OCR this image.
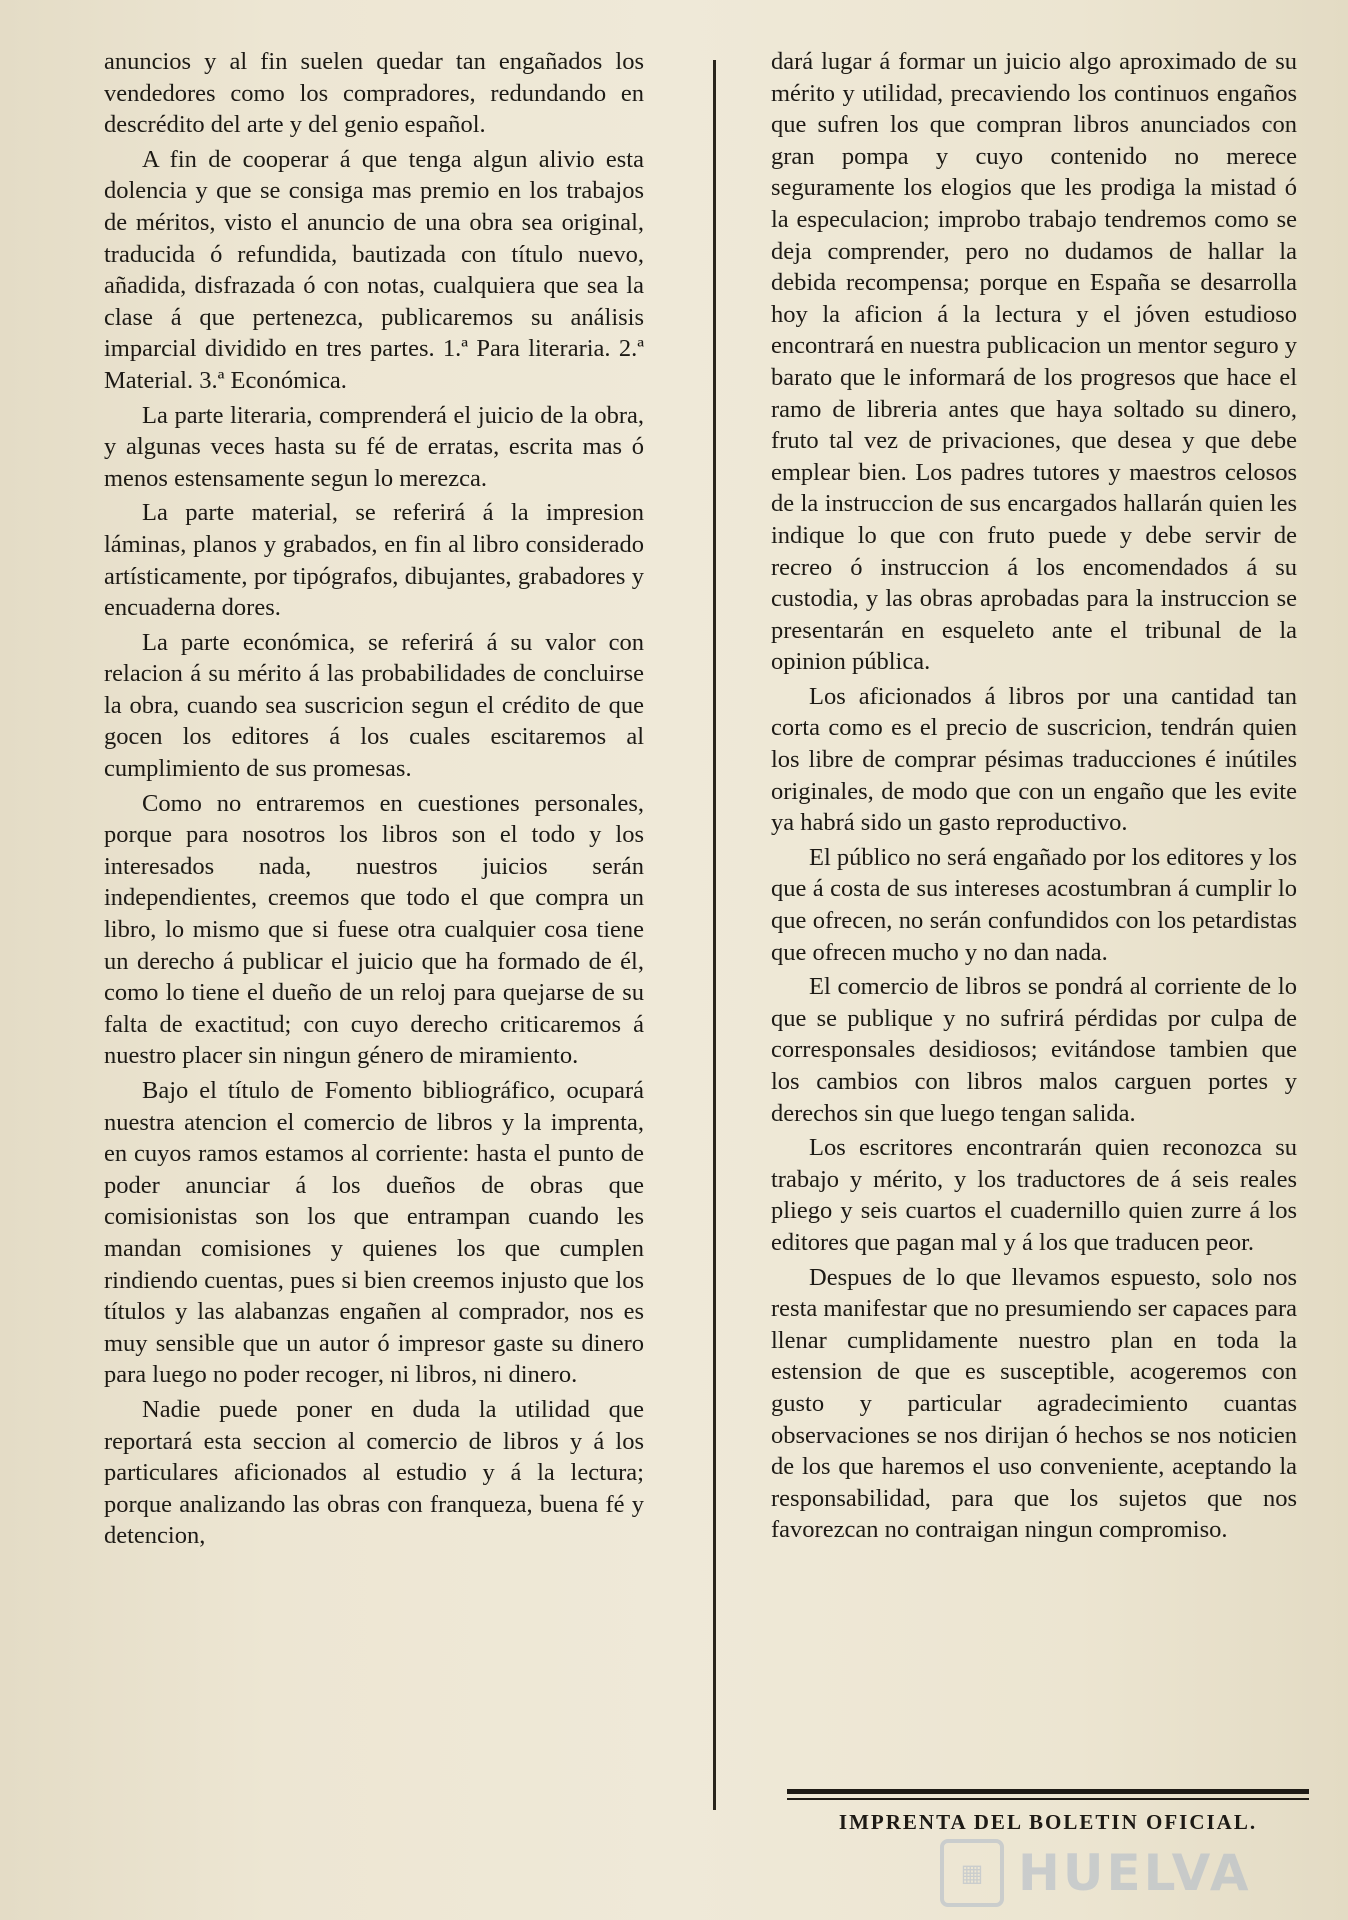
anuncios y al fin suelen quedar tan engañados los vendedores como los compradores, redundando en descrédito del arte y del genio español.

A fin de cooperar á que tenga algun alivio esta dolencia y que se consiga mas premio en los trabajos de méritos, visto el anuncio de una obra sea original, traducida ó refundida, bautizada con título nuevo, añadida, disfrazada ó con notas, cualquiera que sea la clase á que pertenezca, publicaremos su análisis imparcial dividido en tres partes. 1.ª Para literaria. 2.ª Material. 3.ª Económica.

La parte literaria, comprenderá el juicio de la obra, y algunas veces hasta su fé de erratas, escrita mas ó menos estensamente segun lo merezca.

La parte material, se referirá á la impresion láminas, planos y grabados, en fin al libro considerado artísticamente, por tipógrafos, dibujantes, grabadores y encuaderna dores.

La parte económica, se referirá á su valor con relacion á su mérito á las probabilidades de concluirse la obra, cuando sea suscricion segun el crédito de que gocen los editores á los cuales escitaremos al cumplimiento de sus promesas.

Como no entraremos en cuestiones personales, porque para nosotros los libros son el todo y los interesados nada, nuestros juicios serán independientes, creemos que todo el que compra un libro, lo mismo que si fuese otra cualquier cosa tiene un derecho á publicar el juicio que ha formado de él, como lo tiene el dueño de un reloj para quejarse de su falta de exactitud; con cuyo derecho criticaremos á nuestro placer sin ningun género de miramiento.

Bajo el título de Fomento bibliográfico, ocupará nuestra atencion el comercio de libros y la imprenta, en cuyos ramos estamos al corriente: hasta el punto de poder anunciar á los dueños de obras que comisionistas son los que entrampan cuando les mandan comisiones y quienes los que cumplen rindiendo cuentas, pues si bien creemos injusto que los títulos y las alabanzas engañen al comprador, nos es muy sensible que un autor ó impresor gaste su dinero para luego no poder recoger, ni libros, ni dinero.

Nadie puede poner en duda la utilidad que reportará esta seccion al comercio de libros y á los particulares aficionados al estudio y á la lectura; porque analizando las obras con franqueza, buena fé y detencion,

dará lugar á formar un juicio algo aproximado de su mérito y utilidad, precaviendo los continuos engaños que sufren los que compran libros anunciados con gran pompa y cuyo contenido no merece seguramente los elogios que les prodiga la mistad ó la especulacion; improbo trabajo tendremos como se deja comprender, pero no dudamos de hallar la debida recompensa; porque en España se desarrolla hoy la aficion á la lectura y el jóven estudioso encontrará en nuestra publicacion un mentor seguro y barato que le informará de los progresos que hace el ramo de libreria antes que haya soltado su dinero, fruto tal vez de privaciones, que desea y que debe emplear bien. Los padres tutores y maestros celosos de la instruccion de sus encargados hallarán quien les indique lo que con fruto puede y debe servir de recreo ó instruccion á los encomendados á su custodia, y las obras aprobadas para la instruccion se presentarán en esqueleto ante el tribunal de la opinion pública.

Los aficionados á libros por una cantidad tan corta como es el precio de suscricion, tendrán quien los libre de comprar pésimas traducciones é inútiles originales, de modo que con un engaño que les evite ya habrá sido un gasto reproductivo.

El público no será engañado por los editores y los que á costa de sus intereses acostumbran á cumplir lo que ofrecen, no serán confundidos con los petardistas que ofrecen mucho y no dan nada.

El comercio de libros se pondrá al corriente de lo que se publique y no sufrirá pérdidas por culpa de corresponsales desidiosos; evitándose tambien que los cambios con libros malos carguen portes y derechos sin que luego tengan salida.

Los escritores encontrarán quien reconozca su trabajo y mérito, y los traductores de á seis reales pliego y seis cuartos el cuadernillo quien zurre á los editores que pagan mal y á los que traducen peor.

Despues de lo que llevamos espuesto, solo nos resta manifestar que no presumiendo ser capaces para llenar cumplidamente nuestro plan en toda la estension de que es susceptible, acogeremos con gusto y particular agradecimiento cuantas observaciones se nos dirijan ó hechos se nos noticien de los que haremos el uso conveniente, aceptando la responsabilidad, para que los sujetos que nos favorezcan no contraigan ningun compromiso.

IMPRENTA DEL BOLETIN OFICIAL.
▦ HUELVA
